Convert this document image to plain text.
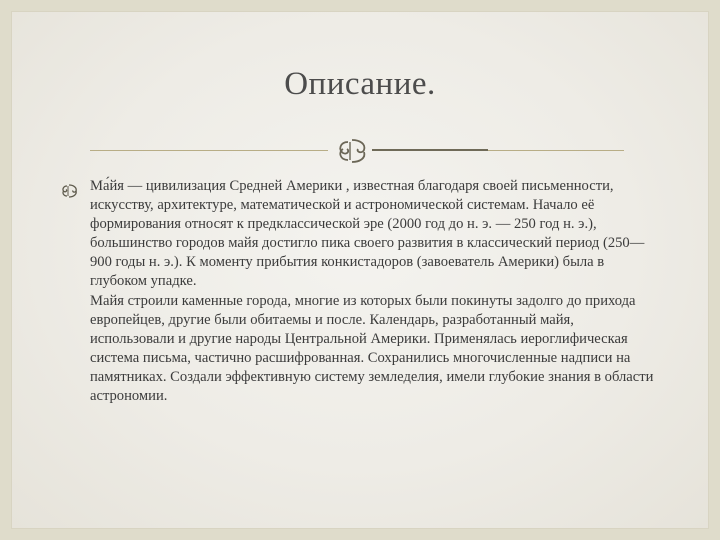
Описание.

Ма́йя — цивилизация Средней Америки , известная благодаря своей письменности, искусству, архитектуре, математической и астрономической системам. Начало её формирования относят к предклассической эре (2000 год до н. э. — 250 год н. э.), большинство городов майя достигло пика своего развития в классический период (250—900 годы н. э.). К моменту прибытия конкистадоров (завоеватель Америки) была в глубоком упадке.

Майя строили каменные города, многие из которых были покинуты задолго до прихода европейцев, другие были обитаемы и после. Календарь, разработанный майя, использовали и другие народы Центральной Америки. Применялась иероглифическая система письма, частично расшифрованная. Сохранились многочисленные надписи на памятниках. Создали эффективную систему земледелия, имели глубокие знания в области астрономии.
